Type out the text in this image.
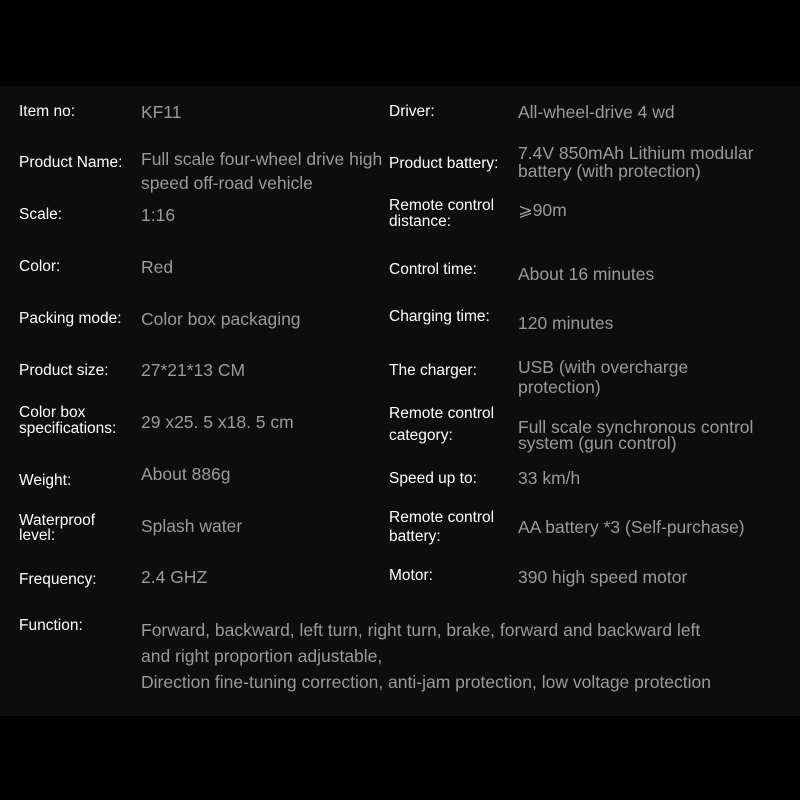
Item no:
Product Name:
Scale:
Color:
Packing mode:
Product size:
Color box
specifications:
Weight:
Waterproof
level:
Frequency:
Function:
KF11
Full scale four-wheel drive high speed off-road vehicle
1:16
Red
Color box packaging
27*21*13 CM
29 x25. 5 x18. 5 cm
About 886g
Splash water
2.4 GHZ
Driver:
Product battery:
Remote control
distance:
Control time:
Charging time:
The charger:
Remote control
category:
Speed up to:
Remote control
battery:
Motor:
All-wheel-drive 4 wd
7.4V 850mAh Lithium modular
battery (with protection)
⩾90m
About 16 minutes
120 minutes
USB (with overcharge
protection)
Full scale synchronous control
system (gun control)
33 km/h
AA battery *3 (Self-purchase)
390 high speed motor
Forward, backward, left turn, right turn, brake, forward and backward left
and right proportion adjustable,
Direction fine-tuning correction, anti-jam protection, low voltage protection
